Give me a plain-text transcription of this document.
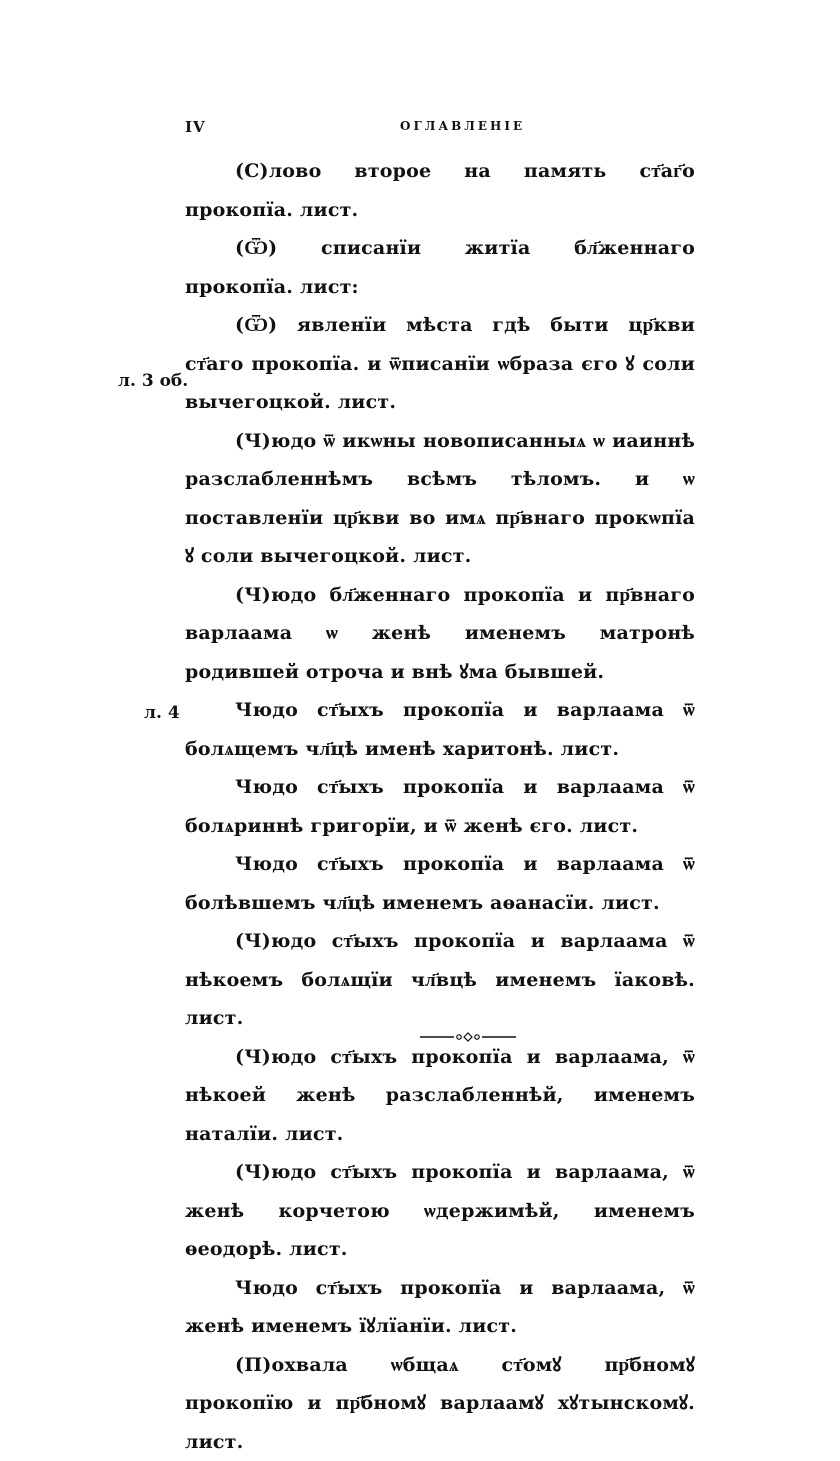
IV	ОГЛАВЛЕНІЕ
л. 3 об.
л. 4

(С)лово второе на память ст҃аг҃о прокопїа. лист.

(Ѿ) списанїи житїа бл҃женнаго прокопїа. лист:

(Ѿ) явленїи мѣста гдѣ быти цр҃кви ст҃аго прокопїа. и ѿписанїи ѡбраза єго ꙋ соли вычегоцкой. лист.

(Ч)юдо ѿ икѡны новописанныѧ ѡ иаиннѣ разслабленнѣмъ всѣмъ тѣломъ. и ѡ поставленїи цр҃кви во имѧ пр҃внаго прокѡпїа ꙋ соли вычегоцкой. лист.

(Ч)юдо бл҃женнаго прокопїа и пр҃внаго варлаама ѡ женѣ именемъ матронѣ родившей отроча и внѣ ꙋма бывшей.

Чюдо ст҃ыхъ прокопїа и варлаама ѿ болѧщемъ чл҃цѣ именѣ харитонѣ. лист.

Чюдо ст҃ыхъ прокопїа и варлаама ѿ болѧриннѣ григорїи, и ѿ женѣ єго. лист.

Чюдо ст҃ыхъ прокопїа и варлаама ѿ болѣвшемъ чл҃цѣ именемъ аѳанасїи. лист.

(Ч)юдо ст҃ыхъ прокопїа и варлаама ѿ нѣкоемъ болѧщїи чл҃вцѣ именемъ їаковѣ. лист.

(Ч)юдо ст҃ыхъ прокопїа и варлаама, ѿ нѣкоей женѣ разслабленнѣй, именемъ наталїи. лист.

(Ч)юдо ст҃ыхъ прокопїа и варлаама, ѿ женѣ корчетою ѡдержимѣй, именемъ ѳеодорѣ. лист.

Чюдо ст҃ыхъ прокопїа и варлаама, ѿ женѣ именемъ їꙋлїанїи. лист.

(П)охвала ѡбщаѧ ст҃омꙋ пр҃бномꙋ прокопїю и пр҃бномꙋ варлаамꙋ хꙋтынскомꙋ. лист.
